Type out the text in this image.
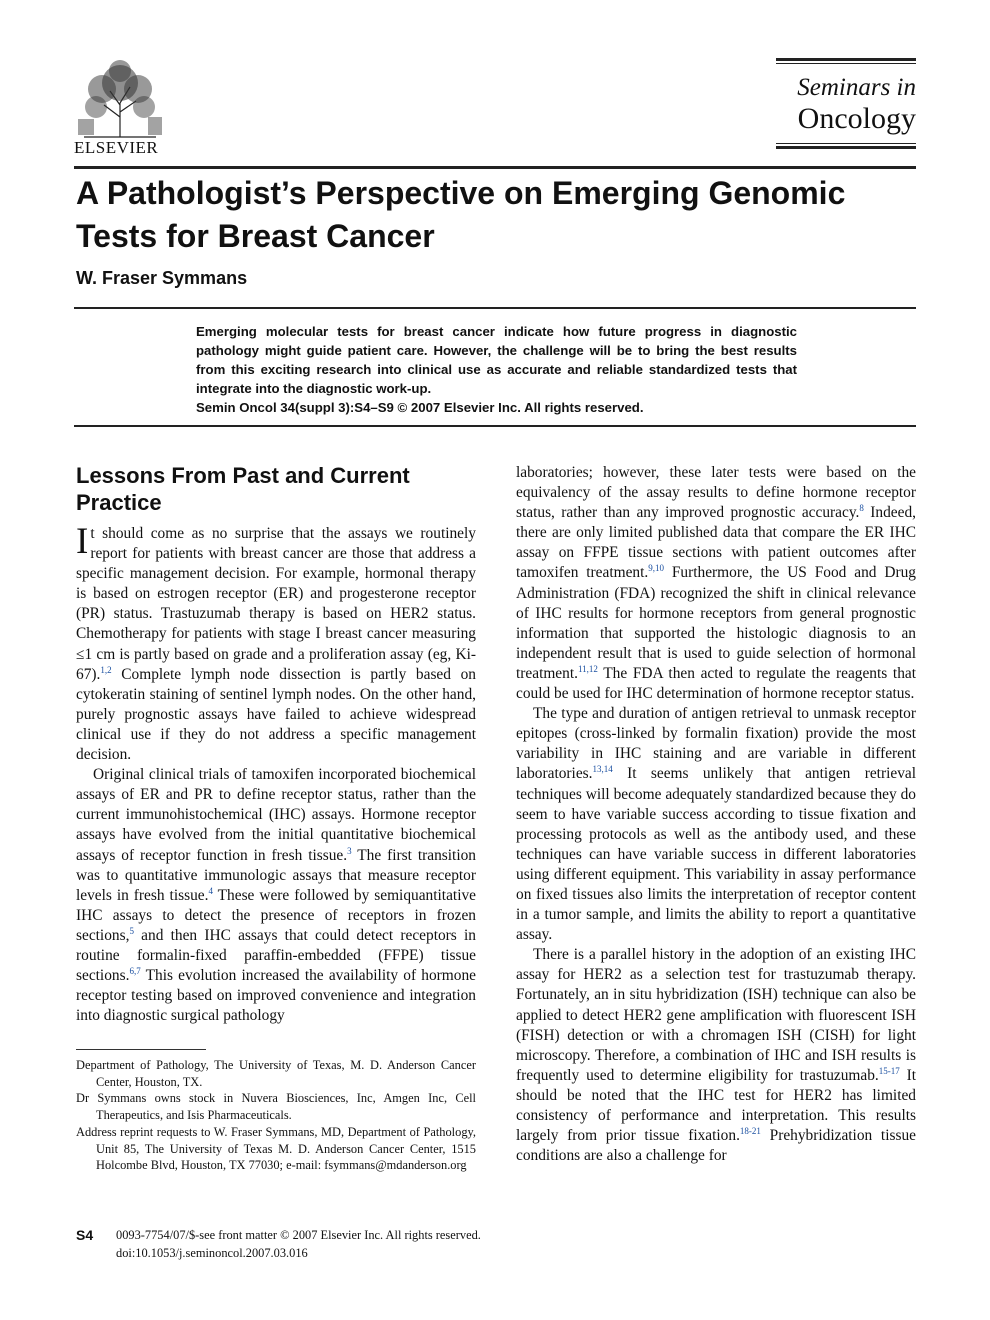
ELSEVIER
Seminars in
Oncology
A Pathologist’s Perspective on Emerging Genomic Tests for Breast Cancer

W. Fraser Symmans

Emerging molecular tests for breast cancer indicate how future progress in diagnostic pathology might guide patient care. However, the challenge will be to bring the best results from this exciting research into clinical use as accurate and reliable standardized tests that integrate into the diagnostic work-up.
Semin Oncol 34(suppl 3):S4–S9 © 2007 Elsevier Inc. All rights reserved.
Lessons From Past and Current Practice

It should come as no surprise that the assays we routinely report for patients with breast cancer are those that address a specific management decision. For example, hormonal therapy is based on estrogen receptor (ER) and progesterone receptor (PR) status. Trastuzumab therapy is based on HER2 status. Chemotherapy for patients with stage I breast cancer measuring ≤1 cm is partly based on grade and a proliferation assay (eg, Ki-67).$^{1,2}$ Complete lymph node dissection is partly based on cytokeratin staining of sentinel lymph nodes. On the other hand, purely prognostic assays have failed to achieve widespread clinical use if they do not address a specific management decision.

Original clinical trials of tamoxifen incorporated biochemical assays of ER and PR to define receptor status, rather than the current immunohistochemical (IHC) assays. Hormone receptor assays have evolved from the initial quantitative biochemical assays of receptor function in fresh tissue.$^3$ The first transition was to quantitative immunologic assays that measure receptor levels in fresh tissue.$^4$ These were followed by semiquantitative IHC assays to detect the presence of receptors in frozen sections,$^5$ and then IHC assays that could detect receptors in routine formalin-fixed paraffin-embedded (FFPE) tissue sections.$^{6,7}$ This evolution increased the availability of hormone receptor testing based on improved convenience and integration into diagnostic surgical pathology

laboratories; however, these later tests were based on the equivalency of the assay results to define hormone receptor status, rather than any improved prognostic accuracy.$^8$ Indeed, there are only limited published data that compare the ER IHC assay on FFPE tissue sections with patient outcomes after tamoxifen treatment.$^{9,10}$ Furthermore, the US Food and Drug Administration (FDA) recognized the shift in clinical relevance of IHC results for hormone receptors from general prognostic information that supported the histologic diagnosis to an independent result that is used to guide selection of hormonal treatment.$^{11,12}$ The FDA then acted to regulate the reagents that could be used for IHC determination of hormone receptor status.

The type and duration of antigen retrieval to unmask receptor epitopes (cross-linked by formalin fixation) provide the most variability in IHC staining and are variable in different laboratories.$^{13,14}$ It seems unlikely that antigen retrieval techniques will become adequately standardized because they do seem to have variable success according to tissue fixation and processing protocols as well as the antibody used, and these techniques can have variable success in different laboratories using different equipment. This variability in assay performance on fixed tissues also limits the interpretation of receptor content in a tumor sample, and limits the ability to report a quantitative assay.

There is a parallel history in the adoption of an existing IHC assay for HER2 as a selection test for trastuzumab therapy. Fortunately, an in situ hybridization (ISH) technique can also be applied to detect HER2 gene amplification with fluorescent ISH (FISH) detection or with a chromagen ISH (CISH) for light microscopy. Therefore, a combination of IHC and ISH results is frequently used to determine eligibility for trastuzumab.$^{15-17}$ It should be noted that the IHC test for HER2 has limited consistency of performance and interpretation. This results largely from prior tissue fixation.$^{18-21}$ Prehybridization tissue conditions are also a challenge for

Department of Pathology, The University of Texas, M. D. Anderson Cancer Center, Houston, TX.

Dr Symmans owns stock in Nuvera Biosciences, Inc, Amgen Inc, Cell Therapeutics, and Isis Pharmaceuticals.

Address reprint requests to W. Fraser Symmans, MD, Department of Pathology, Unit 85, The University of Texas M. D. Anderson Cancer Center, 1515 Holcombe Blvd, Houston, TX 77030; e-mail: fsymmans@mdanderson.org

S4 0093-7754/07/$-see front matter © 2007 Elsevier Inc. All rights reserved.
doi:10.1053/j.seminoncol.2007.03.016
